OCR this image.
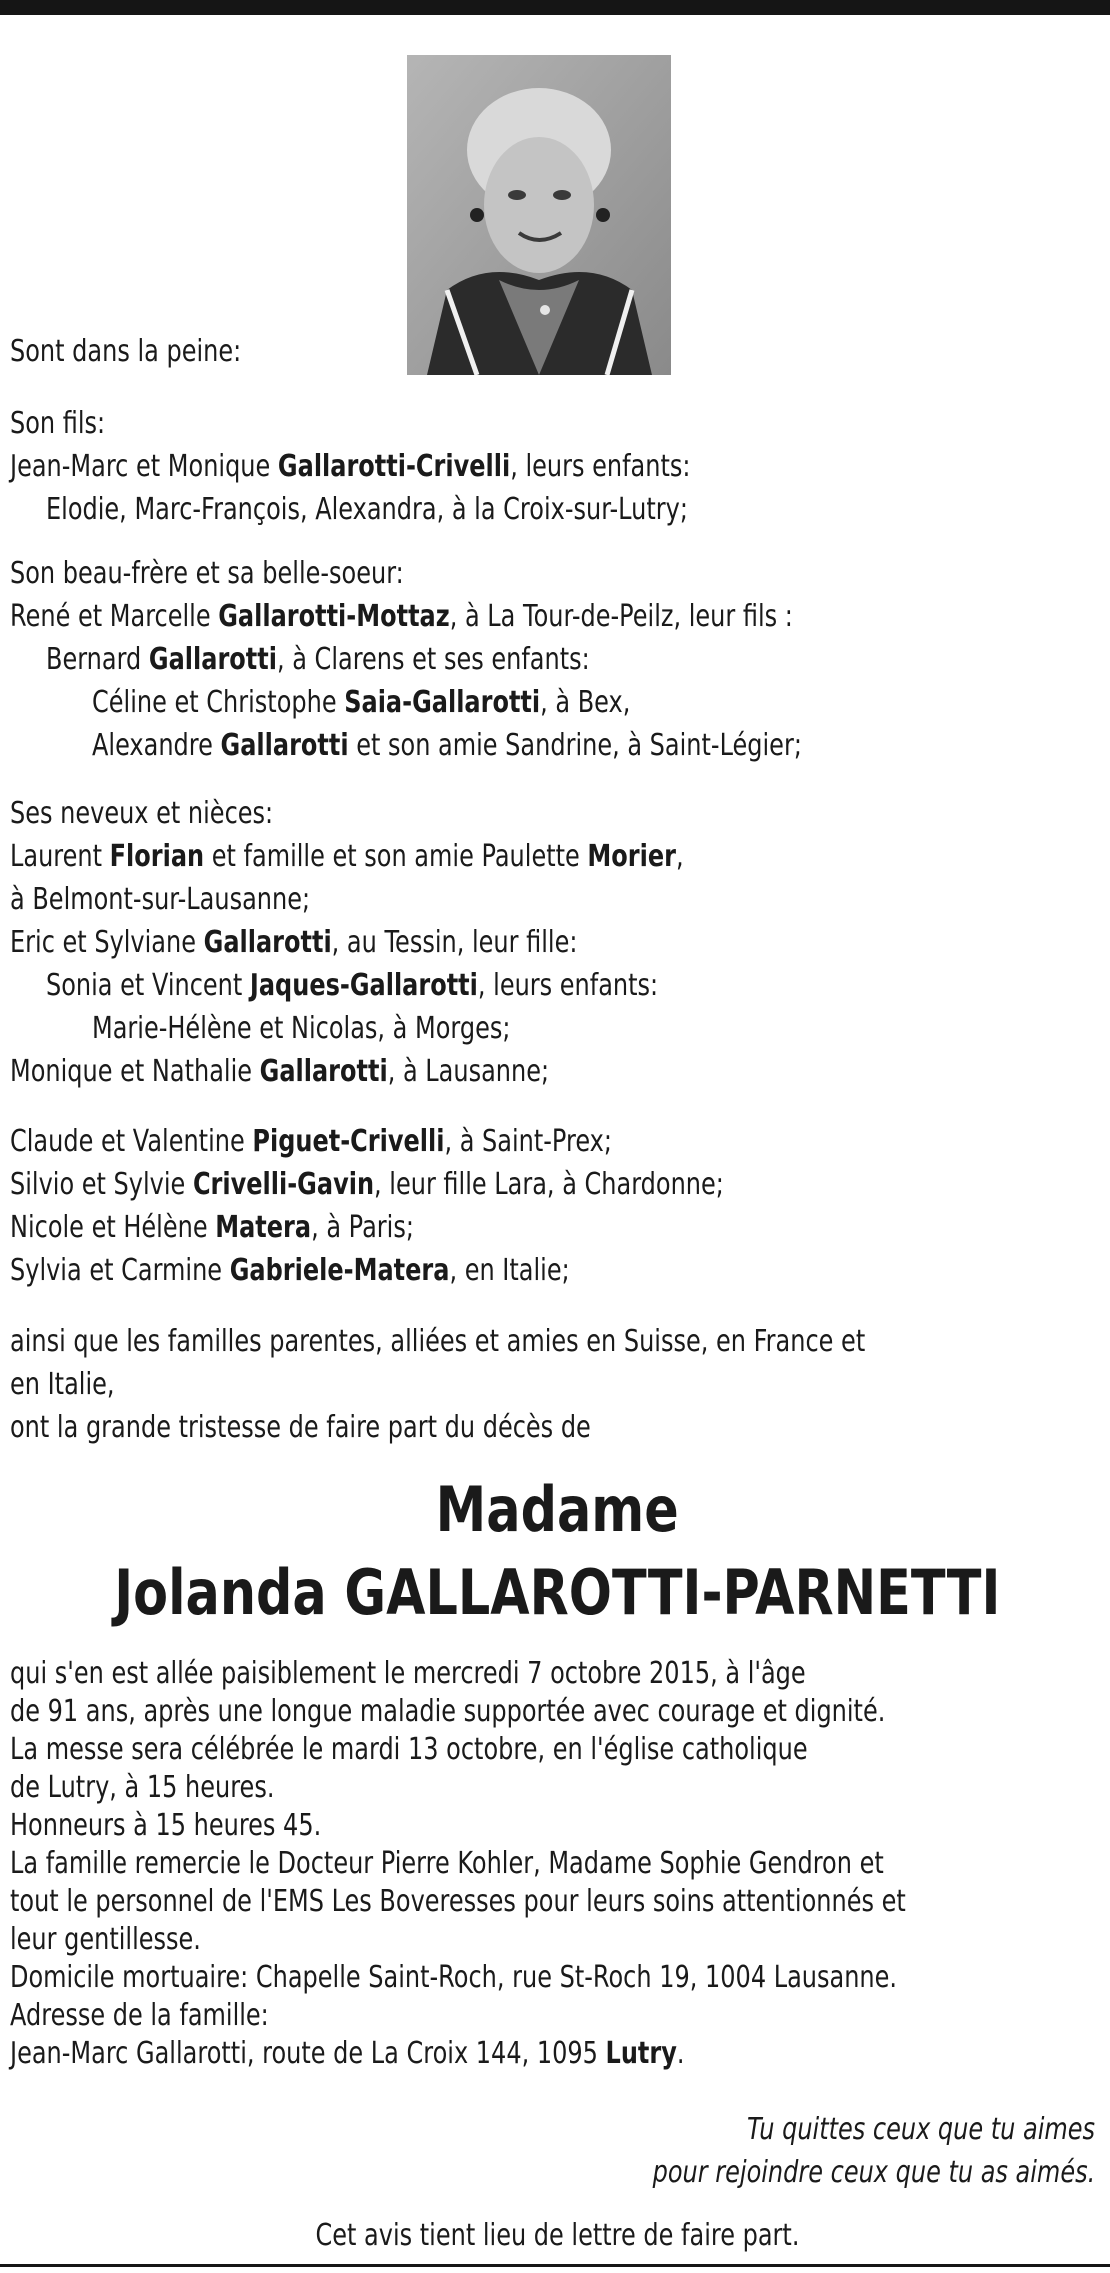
Sont dans la peine:
Son fils:
Jean-Marc et Monique Gallarotti-Crivelli, leurs enfants:
Elodie, Marc-François, Alexandra, à la Croix-sur-Lutry;
Son beau-frère et sa belle-soeur:
René et Marcelle Gallarotti-Mottaz, à La Tour-de-Peilz, leur fils :
Bernard Gallarotti, à Clarens et ses enfants:
Céline et Christophe Saia-Gallarotti, à Bex,
Alexandre Gallarotti et son amie Sandrine, à Saint-Légier;
Ses neveux et nièces:
Laurent Florian et famille et son amie Paulette Morier,
à Belmont-sur-Lausanne;
Eric et Sylviane Gallarotti, au Tessin, leur fille:
Sonia et Vincent Jaques-Gallarotti, leurs enfants:
Marie-Hélène et Nicolas, à Morges;
Monique et Nathalie Gallarotti, à Lausanne;
Claude et Valentine Piguet-Crivelli, à Saint-Prex;
Silvio et Sylvie Crivelli-Gavin, leur fille Lara, à Chardonne;
Nicole et Hélène Matera, à Paris;
Sylvia et Carmine Gabriele-Matera, en Italie;
ainsi que les familles parentes, alliées et amies en Suisse, en France et
en Italie,
ont la grande tristesse de faire part du décès de
Madame
Jolanda GALLAROTTI-PARNETTI
qui s'en est allée paisiblement le mercredi 7 octobre 2015, à l'âge
de 91 ans, après une longue maladie supportée avec courage et dignité.
La messe sera célébrée le mardi 13 octobre, en l'église catholique
de Lutry, à 15 heures.
Honneurs à 15 heures 45.
La famille remercie le Docteur Pierre Kohler, Madame Sophie Gendron et
tout le personnel de l'EMS Les Boveresses pour leurs soins attentionnés et
leur gentillesse.
Domicile mortuaire: Chapelle Saint-Roch, rue St-Roch 19, 1004 Lausanne.
Adresse de la famille:
Jean-Marc Gallarotti, route de La Croix 144, 1095 Lutry.
Tu quittes ceux que tu aimes
pour rejoindre ceux que tu as aimés.
Cet avis tient lieu de lettre de faire part.
